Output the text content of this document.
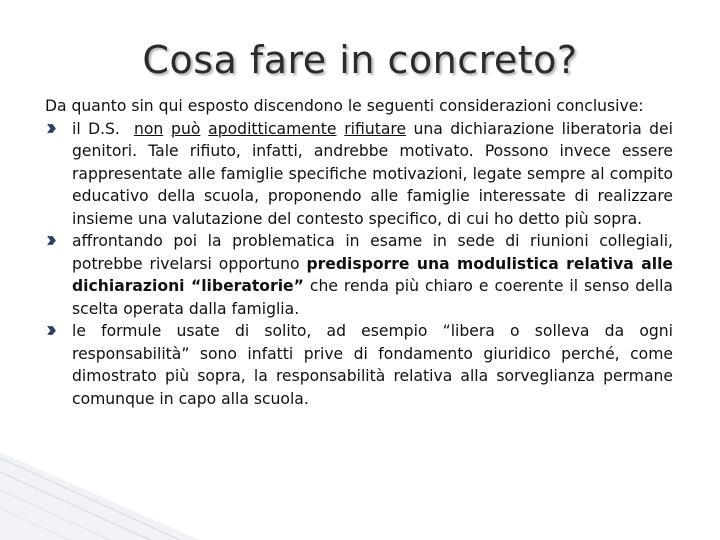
Cosa fare in concreto?

Da quanto sin qui esposto discendono le seguenti considerazioni conclusive:

il D.S. non può apoditticamente rifiutare una dichiarazione liberatoria dei genitori. Tale rifiuto, infatti, andrebbe motivato. Possono invece essere rappresentate alle famiglie specifiche motivazioni, legate sempre al compito educativo della scuola, proponendo alle famiglie interessate di realizzare insieme una valutazione del contesto specifico, di cui ho detto più sopra.
affrontando poi la problematica in esame in sede di riunioni collegiali, potrebbe rivelarsi opportuno predisporre una modulistica relativa alle dichiarazioni “liberatorie” che renda più chiaro e coerente il senso della scelta operata dalla famiglia.
le formule usate di solito, ad esempio “libera o solleva da ogni responsabilità” sono infatti prive di fondamento giuridico perché, come dimostrato più sopra, la responsabilità relativa alla sorveglianza permane comunque in capo alla scuola.
